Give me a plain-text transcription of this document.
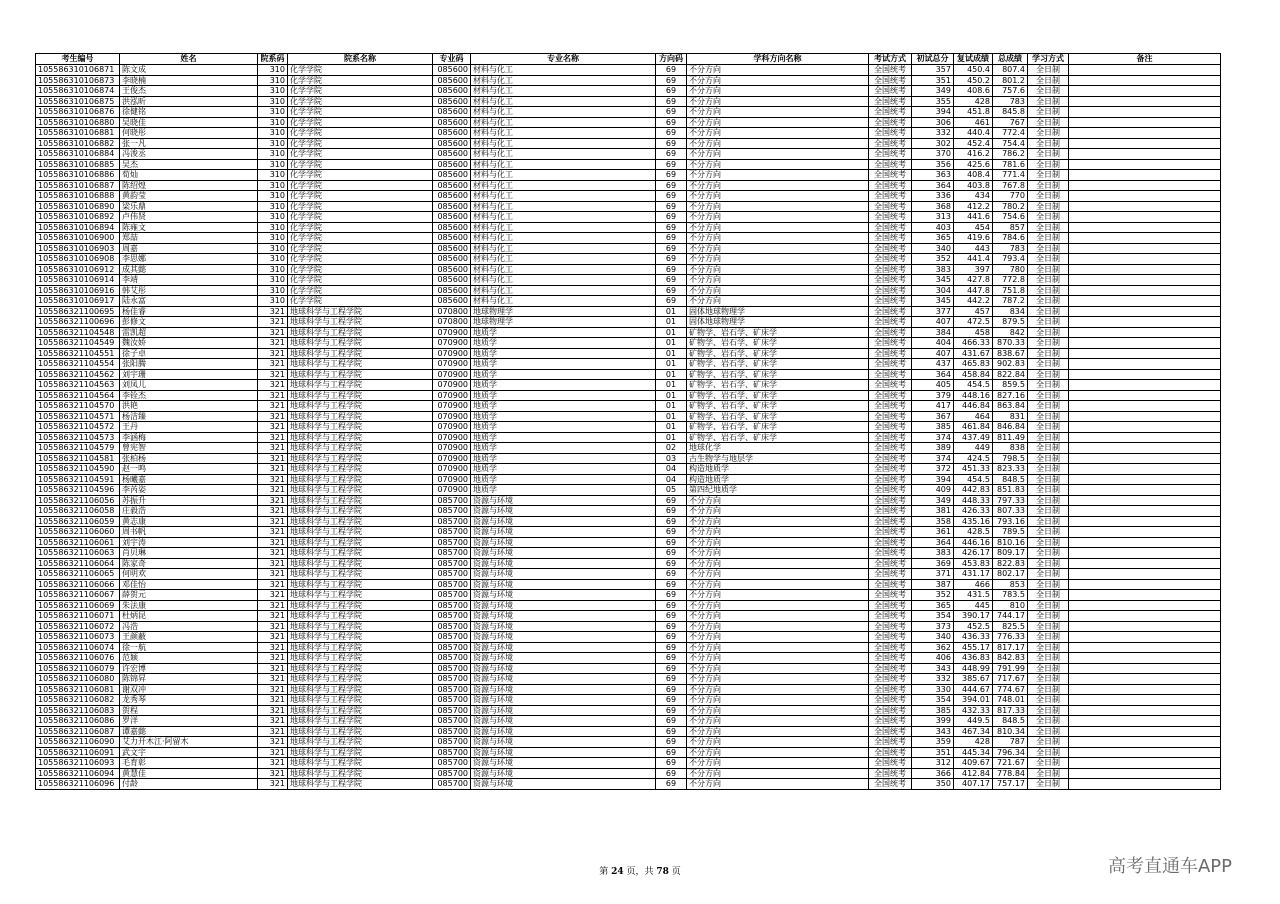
考生编号	姓名	院系码	院系名称	专业码	专业名称	方向码	学科方向名称	考试方式	初试总分	复试成绩	总成绩	学习方式	备注
105586310106871	陈文成	310	化学学院	085600	材料与化工	69	不分方向	全国统考	357	450.4	807.4	全日制	
105586310106873	李晓楠	310	化学学院	085600	材料与化工	69	不分方向	全国统考	351	450.2	801.2	全日制	
105586310106874	王俊杰	310	化学学院	085600	材料与化工	69	不分方向	全国统考	349	408.6	757.6	全日制	
105586310106875	洪泓昕	310	化学学院	085600	材料与化工	69	不分方向	全国统考	355	428	783	全日制	
105586310106876	徐健铭	310	化学学院	085600	材料与化工	69	不分方向	全国统考	394	451.8	845.8	全日制	
105586310106880	吴晓佳	310	化学学院	085600	材料与化工	69	不分方向	全国统考	306	461	767	全日制	
105586310106881	何晓彤	310	化学学院	085600	材料与化工	69	不分方向	全国统考	332	440.4	772.4	全日制	
105586310106882	张一凡	310	化学学院	085600	材料与化工	69	不分方向	全国统考	302	452.4	754.4	全日制	
105586310106884	冯浚丞	310	化学学院	085600	材料与化工	69	不分方向	全国统考	370	416.2	786.2	全日制	
105586310106885	吴杰	310	化学学院	085600	材料与化工	69	不分方向	全国统考	356	425.6	781.6	全日制	
105586310106886	荀灿	310	化学学院	085600	材料与化工	69	不分方向	全国统考	363	408.4	771.4	全日制	
105586310106887	陈绍煌	310	化学学院	085600	材料与化工	69	不分方向	全国统考	364	403.8	767.8	全日制	
105586310106888	黄韵莹	310	化学学院	085600	材料与化工	69	不分方向	全国统考	336	434	770	全日制	
105586310106890	梁乐鼎	310	化学学院	085600	材料与化工	69	不分方向	全国统考	368	412.2	780.2	全日制	
105586310106892	卢伟贤	310	化学学院	085600	材料与化工	69	不分方向	全国统考	313	441.6	754.6	全日制	
105586310106894	陈雍文	310	化学学院	085600	材料与化工	69	不分方向	全国统考	403	454	857	全日制	
105586310106900	郑喆	310	化学学院	085600	材料与化工	69	不分方向	全国统考	365	419.6	784.6	全日制	
105586310106903	周嘉	310	化学学院	085600	材料与化工	69	不分方向	全国统考	340	443	783	全日制	
105586310106908	李思娜	310	化学学院	085600	材料与化工	69	不分方向	全国统考	352	441.4	793.4	全日制	
105586310106912	成其懿	310	化学学院	085600	材料与化工	69	不分方向	全国统考	383	397	780	全日制	
105586310106914	李靖	310	化学学院	085600	材料与化工	69	不分方向	全国统考	345	427.8	772.8	全日制	
105586310106916	韩艾彤	310	化学学院	085600	材料与化工	69	不分方向	全国统考	304	447.8	751.8	全日制	
105586310106917	陆永富	310	化学学院	085600	材料与化工	69	不分方向	全国统考	345	442.2	787.2	全日制	
105586321100695	杨佳睿	321	地球科学与工程学院	070800	地球物理学	01	固体地球物理学	全国统考	377	457	834	全日制	
105586321100696	彭修文	321	地球科学与工程学院	070800	地球物理学	01	固体地球物理学	全国统考	407	472.5	879.5	全日制	
105586321104548	雷凯超	321	地球科学与工程学院	070900	地质学	01	矿物学、岩石学、矿床学	全国统考	384	458	842	全日制	
105586321104549	魏汝娇	321	地球科学与工程学院	070900	地质学	01	矿物学、岩石学、矿床学	全国统考	404	466.33	870.33	全日制	
105586321104551	徐子卓	321	地球科学与工程学院	070900	地质学	01	矿物学、岩石学、矿床学	全国统考	407	431.67	838.67	全日制	
105586321104554	张阳腾	321	地球科学与工程学院	070900	地质学	01	矿物学、岩石学、矿床学	全国统考	437	465.83	902.83	全日制	
105586321104562	刘宇珊	321	地球科学与工程学院	070900	地质学	01	矿物学、岩石学、矿床学	全国统考	364	458.84	822.84	全日制	
105586321104563	刘凤儿	321	地球科学与工程学院	070900	地质学	01	矿物学、岩石学、矿床学	全国统考	405	454.5	859.5	全日制	
105586321104564	李铨杰	321	地球科学与工程学院	070900	地质学	01	矿物学、岩石学、矿床学	全国统考	379	448.16	827.16	全日制	
105586321104570	洪艳	321	地球科学与工程学院	070900	地质学	01	矿物学、岩石学、矿床学	全国统考	417	446.84	863.84	全日制	
105586321104571	杨洁臻	321	地球科学与工程学院	070900	地质学	01	矿物学、岩石学、矿床学	全国统考	367	464	831	全日制	
105586321104572	王丹	321	地球科学与工程学院	070900	地质学	01	矿物学、岩石学、矿床学	全国统考	385	461.84	846.84	全日制	
105586321104573	李涵梅	321	地球科学与工程学院	070900	地质学	01	矿物学、岩石学、矿床学	全国统考	374	437.49	811.49	全日制	
105586321104579	曾宪智	321	地球科学与工程学院	070900	地质学	02	地球化学	全国统考	389	449	838	全日制	
105586321104581	张柏杨	321	地球科学与工程学院	070900	地质学	03	古生物学与地层学	全国统考	374	424.5	798.5	全日制	
105586321104590	赵一鸣	321	地球科学与工程学院	070900	地质学	04	构造地质学	全国统考	372	451.33	823.33	全日制	
105586321104591	杨曦嘉	321	地球科学与工程学院	070900	地质学	04	构造地质学	全国统考	394	454.5	848.5	全日制	
105586321104596	李芮姿	321	地球科学与工程学院	070900	地质学	05	第四纪地质学	全国统考	409	442.83	851.83	全日制	
105586321106056	苏振升	321	地球科学与工程学院	085700	资源与环境	69	不分方向	全国统考	349	448.33	797.33	全日制	
105586321106058	庄毅浩	321	地球科学与工程学院	085700	资源与环境	69	不分方向	全国统考	381	426.33	807.33	全日制	
105586321106059	黄志康	321	地球科学与工程学院	085700	资源与环境	69	不分方向	全国统考	358	435.16	793.16	全日制	
105586321106060	周书帆	321	地球科学与工程学院	085700	资源与环境	69	不分方向	全国统考	361	428.5	789.5	全日制	
105586321106061	刘宇涛	321	地球科学与工程学院	085700	资源与环境	69	不分方向	全国统考	364	446.16	810.16	全日制	
105586321106063	肖贝琳	321	地球科学与工程学院	085700	资源与环境	69	不分方向	全国统考	383	426.17	809.17	全日制	
105586321106064	陈家奇	321	地球科学与工程学院	085700	资源与环境	69	不分方向	全国统考	369	453.83	822.83	全日制	
105586321106065	何明欢	321	地球科学与工程学院	085700	资源与环境	69	不分方向	全国统考	371	431.17	802.17	全日制	
105586321106066	邓佳怡	321	地球科学与工程学院	085700	资源与环境	69	不分方向	全国统考	387	466	853	全日制	
105586321106067	薛贺元	321	地球科学与工程学院	085700	资源与环境	69	不分方向	全国统考	352	431.5	783.5	全日制	
105586321106069	朱法康	321	地球科学与工程学院	085700	资源与环境	69	不分方向	全国统考	365	445	810	全日制	
105586321106071	杜炳昆	321	地球科学与工程学院	085700	资源与环境	69	不分方向	全国统考	354	390.17	744.17	全日制	
105586321106072	冯浩	321	地球科学与工程学院	085700	资源与环境	69	不分方向	全国统考	373	452.5	825.5	全日制	
105586321106073	王颜蔽	321	地球科学与工程学院	085700	资源与环境	69	不分方向	全国统考	340	436.33	776.33	全日制	
105586321106074	徐一航	321	地球科学与工程学院	085700	资源与环境	69	不分方向	全国统考	362	455.17	817.17	全日制	
105586321106076	范颖	321	地球科学与工程学院	085700	资源与环境	69	不分方向	全国统考	406	436.83	842.83	全日制	
105586321106079	许宏博	321	地球科学与工程学院	085700	资源与环境	69	不分方向	全国统考	343	448.99	791.99	全日制	
105586321106080	陈锦昇	321	地球科学与工程学院	085700	资源与环境	69	不分方向	全国统考	332	385.67	717.67	全日制	
105586321106081	谢双冲	321	地球科学与工程学院	085700	资源与环境	69	不分方向	全国统考	330	444.67	774.67	全日制	
105586321106082	龙秀琴	321	地球科学与工程学院	085700	资源与环境	69	不分方向	全国统考	354	394.01	748.01	全日制	
105586321106083	贺程	321	地球科学与工程学院	085700	资源与环境	69	不分方向	全国统考	385	432.33	817.33	全日制	
105586321106086	罗洋	321	地球科学与工程学院	085700	资源与环境	69	不分方向	全国统考	399	449.5	848.5	全日制	
105586321106087	谭嘉懿	321	地球科学与工程学院	085700	资源与环境	69	不分方向	全国统考	343	467.34	810.34	全日制	
105586321106090	艾力开木江·阿留木	321	地球科学与工程学院	085700	资源与环境	69	不分方向	全国统考	359	428	787	全日制	
105586321106091	武文宇	321	地球科学与工程学院	085700	资源与环境	69	不分方向	全国统考	351	445.34	796.34	全日制	
105586321106093	毛育彰	321	地球科学与工程学院	085700	资源与环境	69	不分方向	全国统考	312	409.67	721.67	全日制	
105586321106094	黄慧佳	321	地球科学与工程学院	085700	资源与环境	69	不分方向	全国统考	366	412.84	778.84	全日制	
105586321106096	付龄	321	地球科学与工程学院	085700	资源与环境	69	不分方向	全国统考	350	407.17	757.17	全日制	
第 24 页，共 78 页	高考直通车APP
